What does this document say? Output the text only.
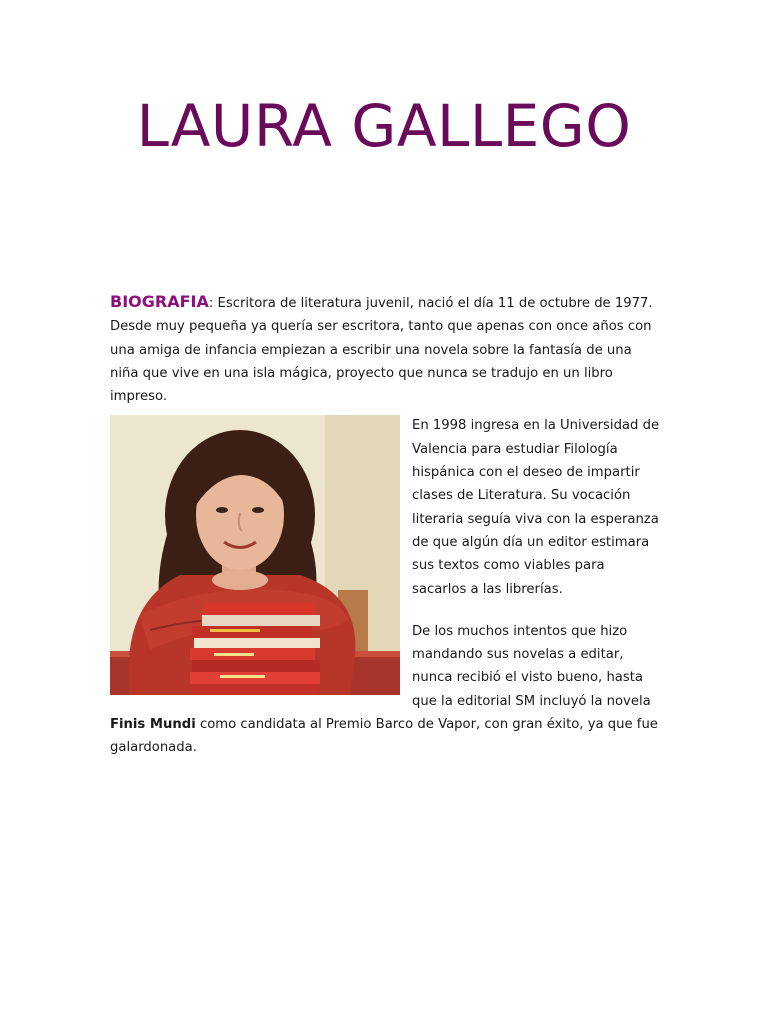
LAURA GALLEGO

BIOGRAFIA: Escritora de literatura juvenil, nació el día 11 de octubre de 1977. Desde muy pequeña ya quería ser escritora, tanto que apenas con once años con una amiga de infancia empiezan a escribir una novela sobre la fantasía de una niña que vive en una isla mágica, proyecto que nunca se tradujo en un libro impreso.

En 1998 ingresa en la Universidad de Valencia para estudiar Filología hispánica con el deseo de impartir clases de Literatura. Su vocación literaria seguía viva con la esperanza de que algún día un editor estimara sus textos como viables para sacarlos a las librerías.

De los muchos intentos que hizo mandando sus novelas a editar, nunca recibió el visto bueno, hasta que la editorial SM incluyó la novela Finis Mundi como candidata al Premio Barco de Vapor, con gran éxito, ya que fue galardonada.
